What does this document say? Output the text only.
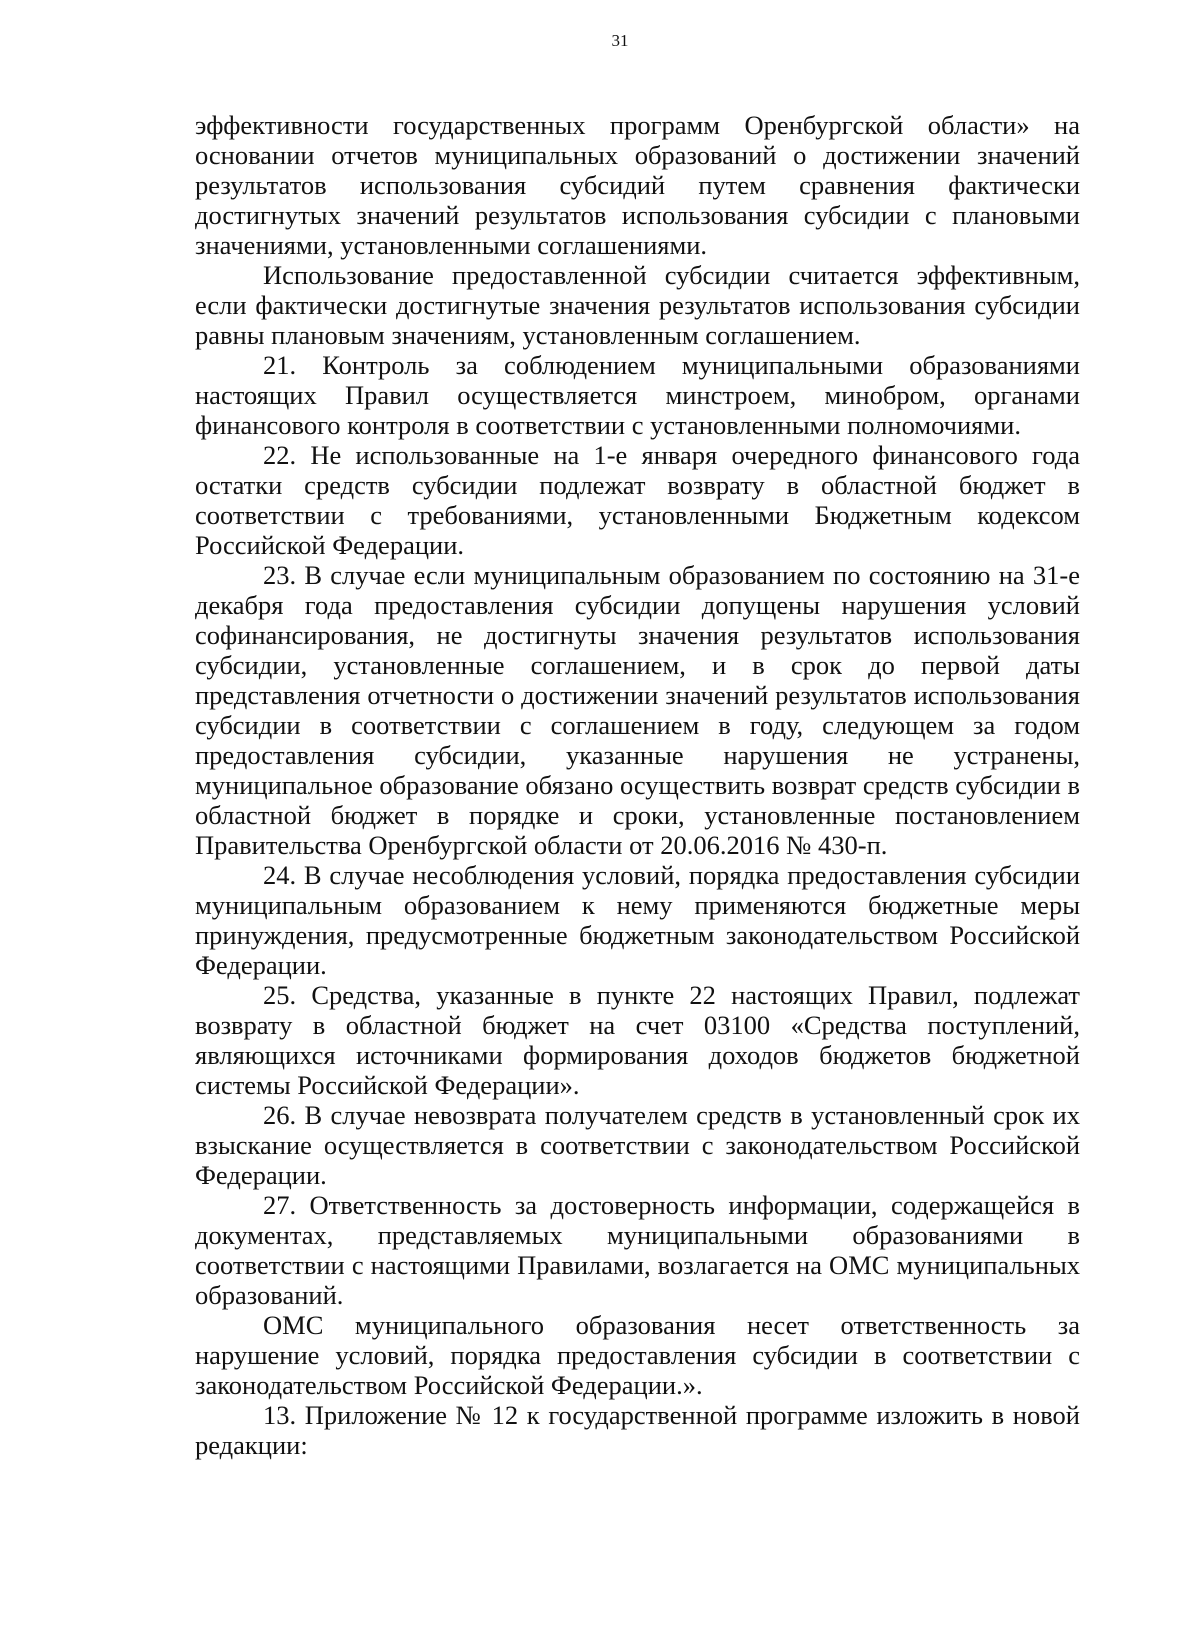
31

эффективности государственных программ Оренбургской области» на основании отчетов муниципальных образований о достижении значений результатов использования субсидий путем сравнения фактически достигнутых значений результатов использования субсидии с плановыми значениями, установленными соглашениями.

Использование предоставленной субсидии считается эффективным, если фактически достигнутые значения результатов использования субсидии равны плановым значениям, установленным соглашением.

21. Контроль за соблюдением муниципальными образованиями настоящих Правил осуществляется минстроем, минобром, органами финансового контроля в соответствии с установленными полномочиями.

22. Не использованные на 1-е января очередного финансового года остатки средств субсидии подлежат возврату в областной бюджет в соответствии с требованиями, установленными Бюджетным кодексом Российской Федерации.

23. В случае если муниципальным образованием по состоянию на 31-е декабря года предоставления субсидии допущены нарушения условий софинансирования, не достигнуты значения результатов использования субсидии, установленные соглашением, и в срок до первой даты представления отчетности о достижении значений результатов использования субсидии в соответствии с соглашением в году, следующем за годом предоставления субсидии, указанные нарушения не устранены, муниципальное образование обязано осуществить возврат средств субсидии в областной бюджет в порядке и сроки, установленные постановлением Правительства Оренбургской области от 20.06.2016 № 430-п.

24. В случае несоблюдения условий, порядка предоставления субсидии муниципальным образованием к нему применяются бюджетные меры принуждения, предусмотренные бюджетным законодательством Российской Федерации.

25. Средства, указанные в пункте 22 настоящих Правил, подлежат возврату в областной бюджет на счет 03100 «Средства поступлений, являющихся источниками формирования доходов бюджетов бюджетной системы Российской Федерации».

26. В случае невозврата получателем средств в установленный срок их взыскание осуществляется в соответствии с законодательством Российской Федерации.

27. Ответственность за достоверность информации, содержащейся в документах, представляемых муниципальными образованиями в соответствии с настоящими Правилами, возлагается на ОМС муниципальных образований.

ОМС муниципального образования несет ответственность за нарушение условий, порядка предоставления субсидии в соответствии с законодательством Российской Федерации.».

13. Приложение № 12 к государственной программе изложить в новой редакции:
